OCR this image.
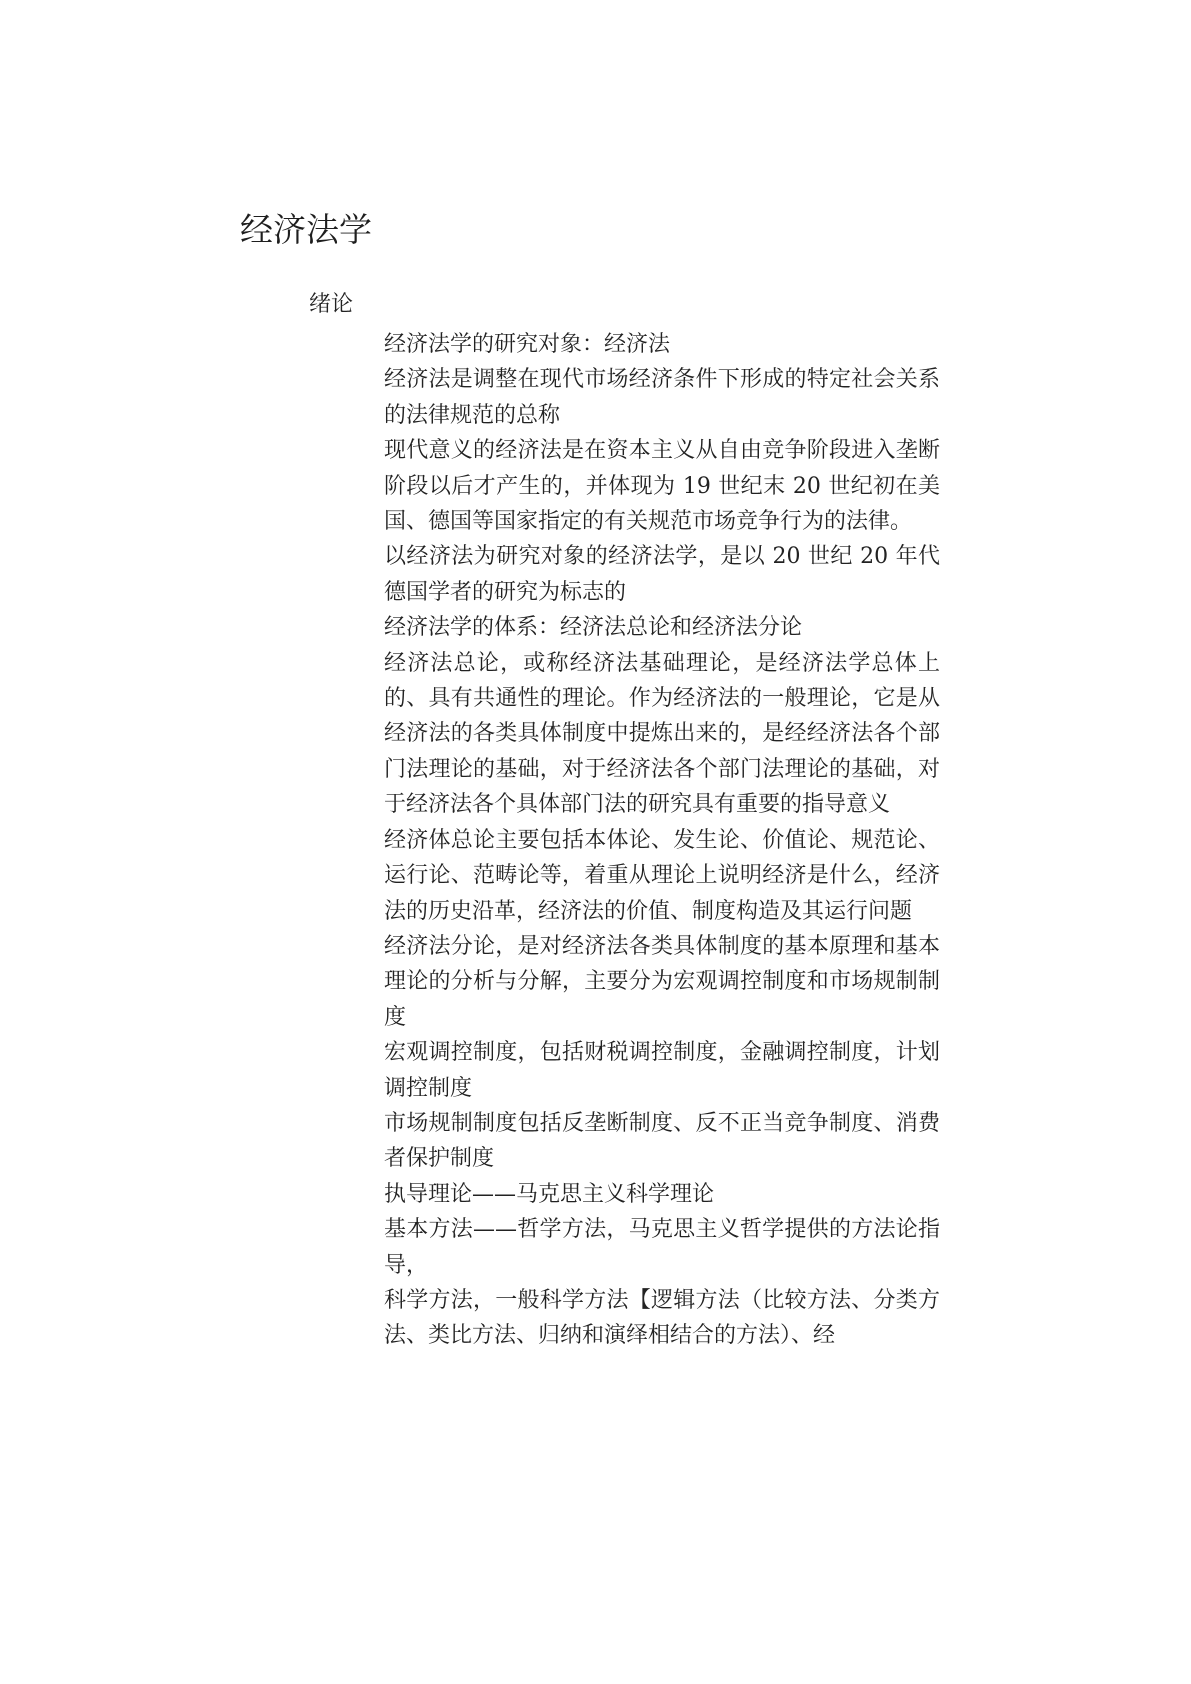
经济法学
绪论

经济法学的研究对象：经济法

经济法是调整在现代市场经济条件下形成的特定社会关系的法律规范的总称

现代意义的经济法是在资本主义从自由竞争阶段进入垄断阶段以后才产生的，并体现为 19 世纪末 20 世纪初在美国、德国等国家指定的有关规范市场竞争行为的法律。

以经济法为研究对象的经济法学，是以 20 世纪 20 年代德国学者的研究为标志的

经济法学的体系：经济法总论和经济法分论

经济法总论，或称经济法基础理论，是经济法学总体上的、具有共通性的理论。作为经济法的一般理论，它是从经济法的各类具体制度中提炼出来的，是经经济法各个部门法理论的基础，对于经济法各个部门法理论的基础，对于经济法各个具体部门法的研究具有重要的指导意义

经济体总论主要包括本体论、发生论、价值论、规范论、运行论、范畴论等，着重从理论上说明经济是什么，经济法的历史沿革，经济法的价值、制度构造及其运行问题

经济法分论，是对经济法各类具体制度的基本原理和基本理论的分析与分解，主要分为宏观调控制度和市场规制制度

宏观调控制度，包括财税调控制度，金融调控制度，计划调控制度

市场规制制度包括反垄断制度、反不正当竞争制度、消费者保护制度

执导理论——马克思主义科学理论

基本方法——哲学方法，马克思主义哲学提供的方法论指导，

科学方法，一般科学方法【逻辑方法（比较方法、分类方法、类比方法、归纳和演绎相结合的方法）、经
